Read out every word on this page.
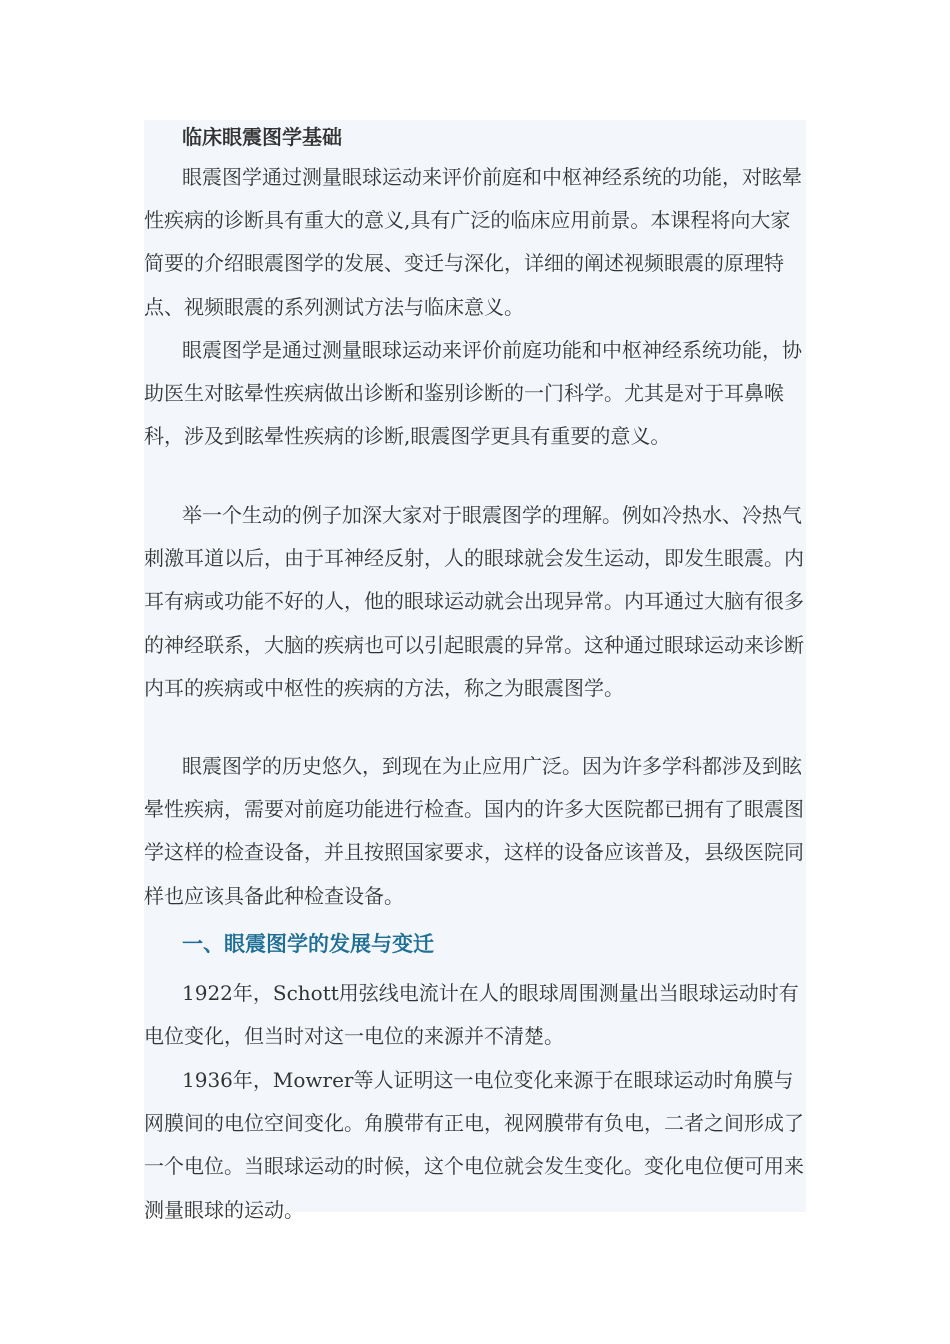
临床眼震图学基础

眼震图学通过测量眼球运动来评价前庭和中枢神经系统的功能，对眩晕性疾病的诊断具有重大的意义,具有广泛的临床应用前景。本课程将向大家简要的介绍眼震图学的发展、变迁与深化，详细的阐述视频眼震的原理特点、视频眼震的系列测试方法与临床意义。

眼震图学是通过测量眼球运动来评价前庭功能和中枢神经系统功能，协助医生对眩晕性疾病做出诊断和鉴别诊断的一门科学。尤其是对于耳鼻喉科，涉及到眩晕性疾病的诊断,眼震图学更具有重要的意义。

举一个生动的例子加深大家对于眼震图学的理解。例如冷热水、冷热气刺激耳道以后，由于耳神经反射，人的眼球就会发生运动，即发生眼震。内耳有病或功能不好的人，他的眼球运动就会出现异常。内耳通过大脑有很多的神经联系，大脑的疾病也可以引起眼震的异常。这种通过眼球运动来诊断内耳的疾病或中枢性的疾病的方法，称之为眼震图学。

眼震图学的历史悠久，到现在为止应用广泛。因为许多学科都涉及到眩晕性疾病，需要对前庭功能进行检查。国内的许多大医院都已拥有了眼震图学这样的检查设备，并且按照国家要求，这样的设备应该普及，县级医院同样也应该具备此种检查设备。

一、眼震图学的发展与变迁

1922年，Schott用弦线电流计在人的眼球周围测量出当眼球运动时有电位变化，但当时对这一电位的来源并不清楚。

1936年，Mowrer等人证明这一电位变化来源于在眼球运动时角膜与网膜间的电位空间变化。角膜带有正电，视网膜带有负电，二者之间形成了一个电位。当眼球运动的时候，这个电位就会发生变化。变化电位便可用来测量眼球的运动。
